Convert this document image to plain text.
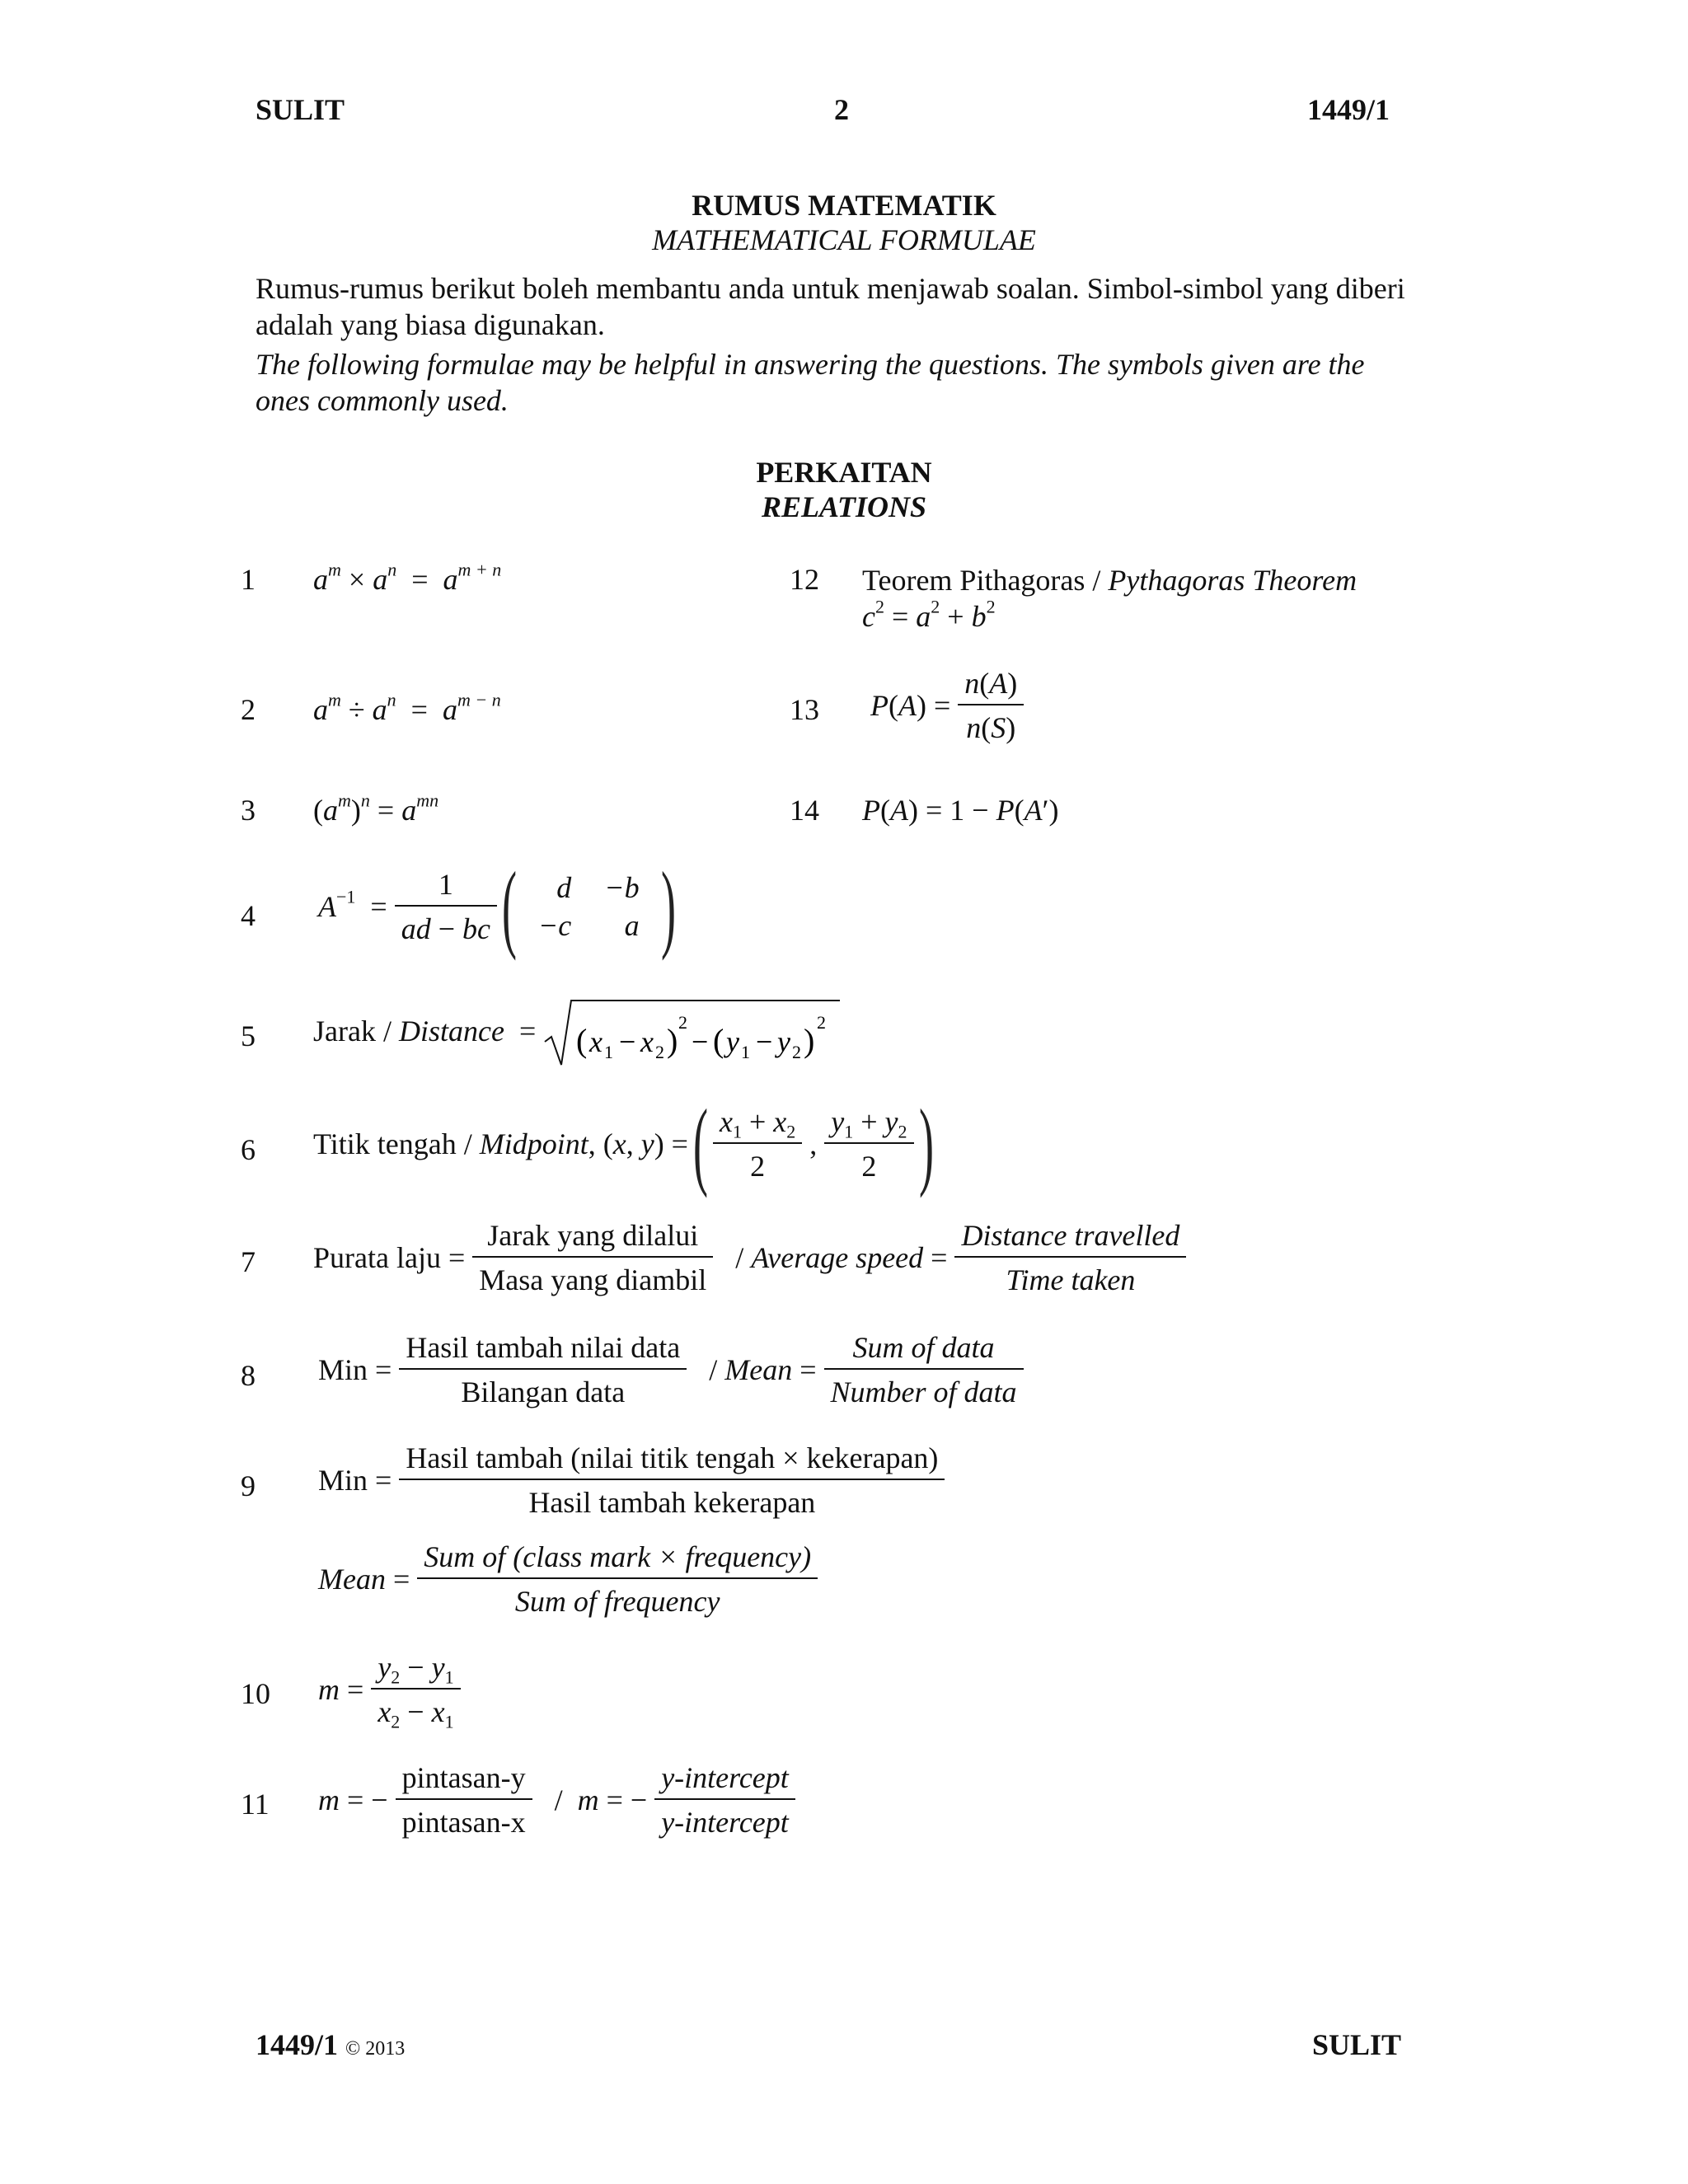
SULIT	2	1449/1
RUMUS MATEMATIK
MATHEMATICAL FORMULAE
Rumus-rumus berikut boleh membantu anda untuk menjawab soalan. Simbol-simbol yang diberi adalah yang biasa digunakan.
The following formulae may be helpful in answering the questions. The symbols given are the ones commonly used.
PERKAITAN
RELATIONS
1
2
3
4
5
6
7
8
9
10
11
12
13
14
$a^m \times a^n = a^{m + n}$
$a^m \div a^n = a^{m - n}$
$(a^m)^n = a^{mn}$
$A^{-1} = \frac{1}{ad - bc}$ ( d	−b
−c	a )
Jarak / Distance  = ( x 1 − x 2 ) 2
− ( y 1 − y 2 ) 2
Titik tengah / Midpoint, (x, y) = ( $\frac{x_1 + x_2}{2}$ , $\frac{y_1 + y_2}{2}$ )
Purata laju = $\frac{\text{Jarak yang dilalui}}{\text{Masa yang diambil}}$ / Average speed = $\frac{\text{Distance travelled}}{\text{Time taken}}$
Min = $\frac{\text{Hasil tambah nilai data}}{\text{Bilangan data}}$ / Mean = $\frac{\text{Sum of data}}{\text{Number of data}}$
Min = $\frac{\text{Hasil tambah (nilai titik tengah × kekerapan)}}{\text{Hasil tambah kekerapan}}$
Mean = $\frac{\text{Sum of (class mark × frequency)}}{\text{Sum of frequency}}$
$m = \frac{y_2 - y_1}{x_2 - x_1}$
m = − $\frac{\text{pintasan-y}}{\text{pintasan-x}}$ /  m = − $\frac{\text{y-intercept}}{\text{y-intercept}}$
Teorem Pithagoras / Pythagoras Theorem
$c^2 = a^2 + b^2$
$P(A) = \frac{n(A)}{n(S)}$
P(A) = 1 − P(A′)
1449/1 © 2013	SULIT
